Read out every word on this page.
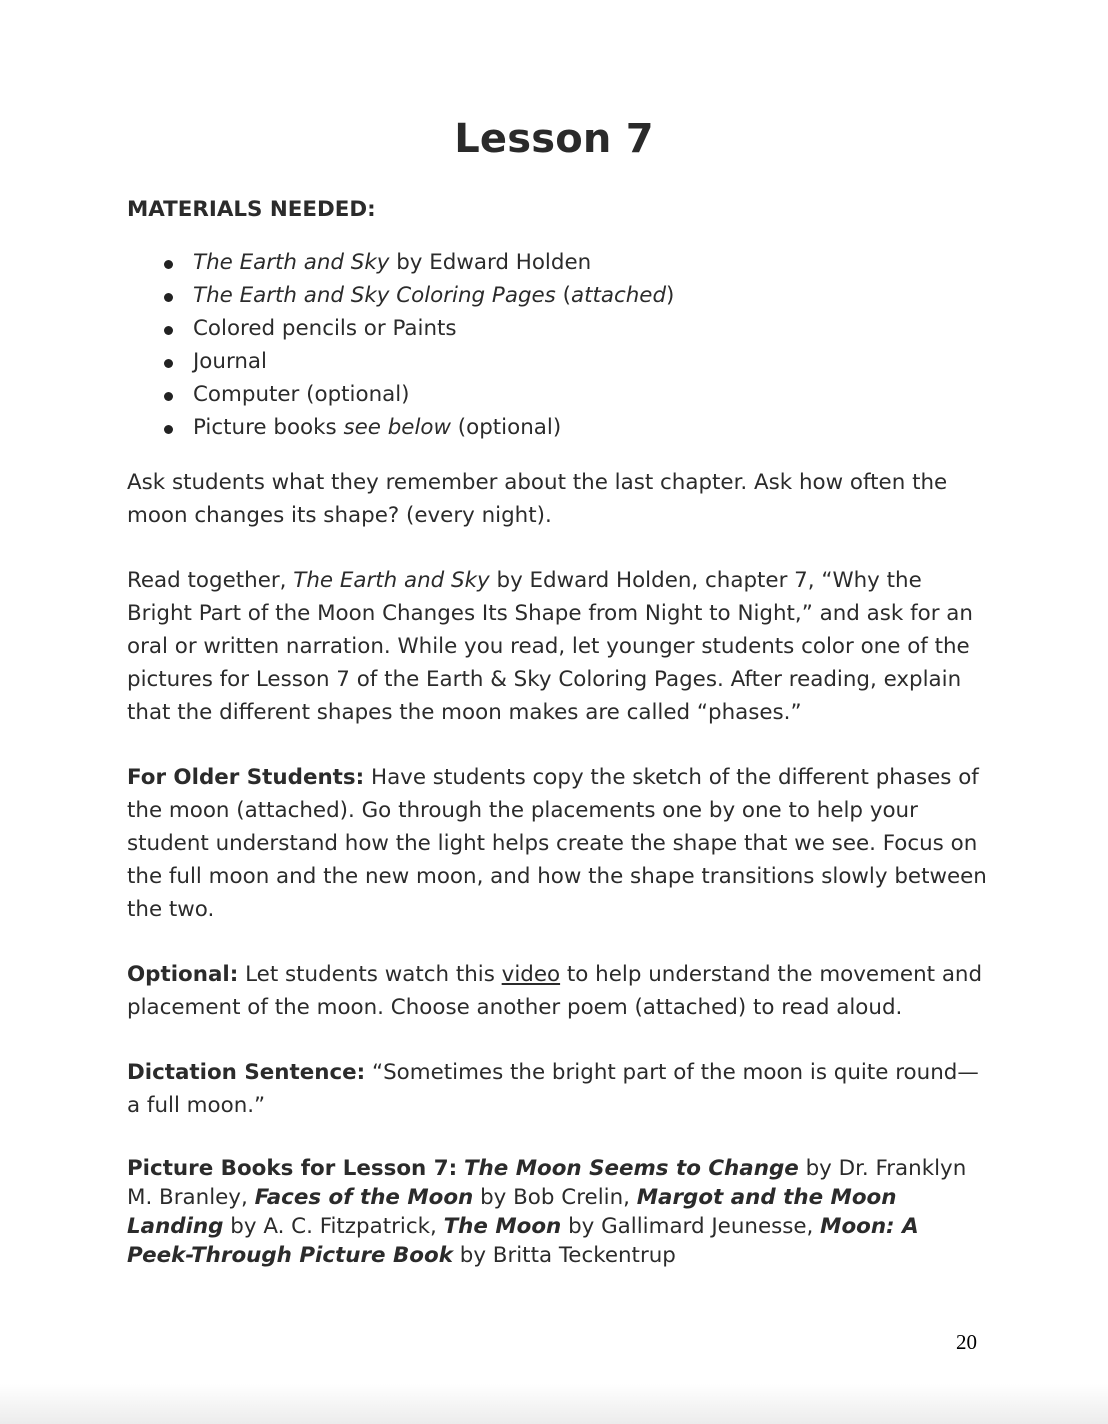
Lesson 7
MATERIALS NEEDED:
The Earth and Sky by Edward Holden
The Earth and Sky Coloring Pages (attached)
Colored pencils or Paints
Journal
Computer (optional)
Picture books see below (optional)

Ask students what they remember about the last chapter. Ask how often the moon changes its shape? (every night).

Read together, The Earth and Sky by Edward Holden, chapter 7, “Why the Bright Part of the Moon Changes Its Shape from Night to Night,” and ask for an oral or written narration. While you read, let younger students color one of the pictures for Lesson 7 of the Earth & Sky Coloring Pages. After reading, explain that the different shapes the moon makes are called “phases.”

For Older Students: Have students copy the sketch of the different phases of the moon (attached). Go through the placements one by one to help your student understand how the light helps create the shape that we see. Focus on the full moon and the new moon, and how the shape transitions slowly between the two.

Optional: Let students watch this video to help understand the movement and placement of the moon. Choose another poem (attached) to read aloud.

Dictation Sentence: “Sometimes the bright part of the moon is quite round—a full moon.”

Picture Books for Lesson 7: The Moon Seems to Change by Dr. Franklyn M. Branley, Faces of the Moon by Bob Crelin, Margot and the Moon Landing by A. C. Fitzpatrick, The Moon by Gallimard Jeunesse, Moon: A Peek-Through Picture Book by Britta Teckentrup

20
